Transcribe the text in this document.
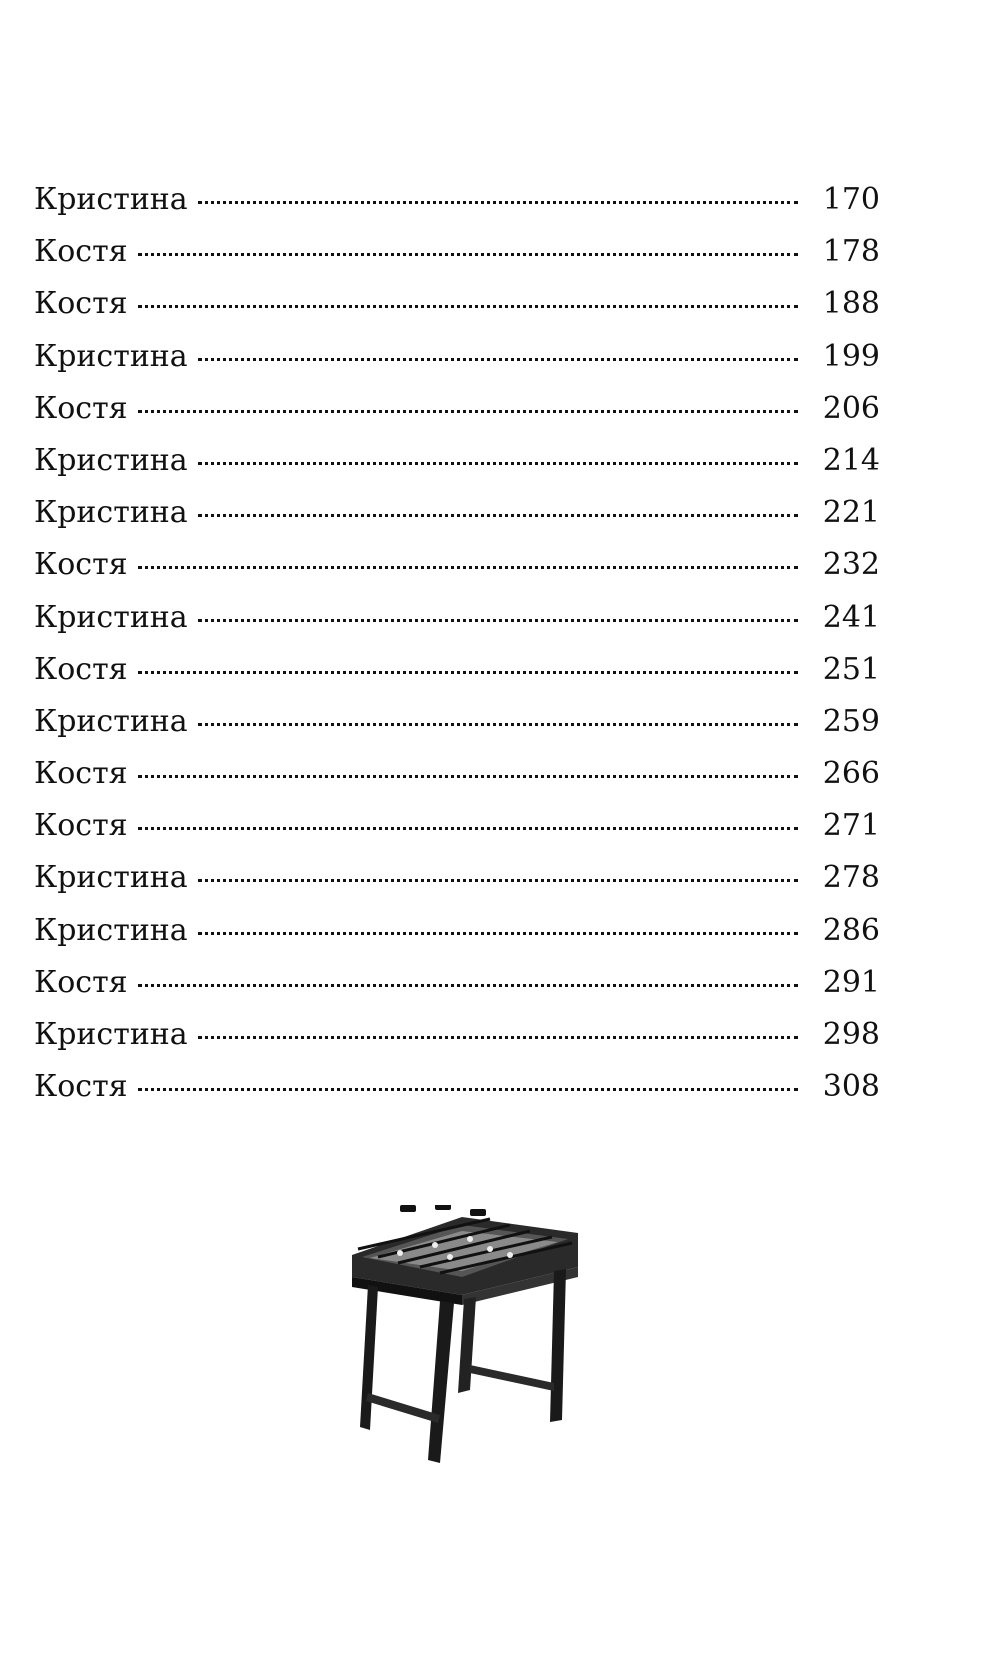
Кристина	170
Костя	178
Костя	188
Кристина	199
Костя	206
Кристина	214
Кристина	221
Костя	232
Кристина	241
Костя	251
Кристина	259
Костя	266
Костя	271
Кристина	278
Кристина	286
Костя	291
Кристина	298
Костя	308
